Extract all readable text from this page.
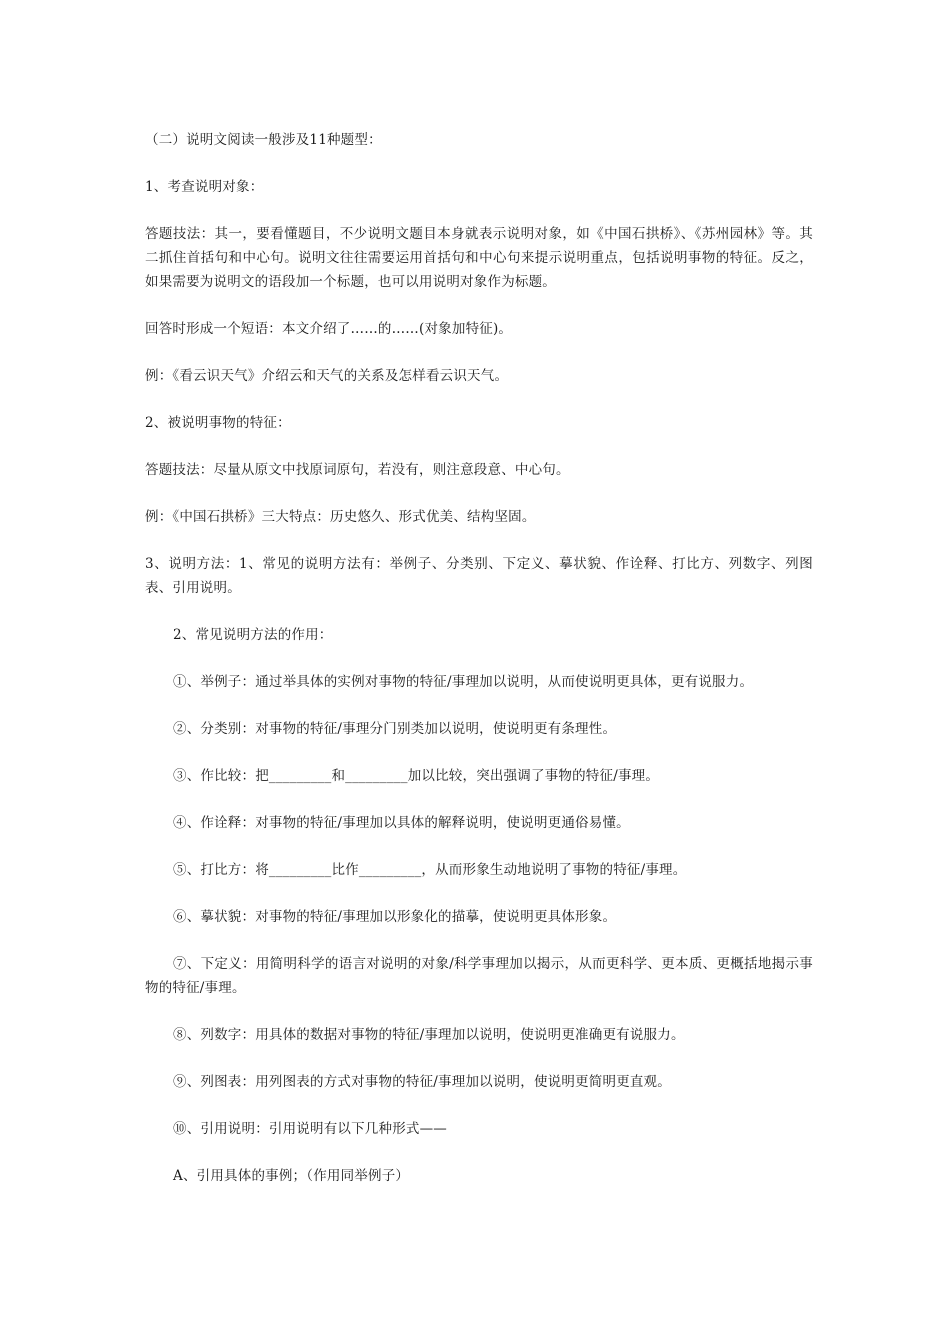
（二）说明文阅读一般涉及11种题型：

1、考查说明对象：

答题技法：其一，要看懂题目，不少说明文题目本身就表示说明对象，如《中国石拱桥》、《苏州园林》等。其二抓住首括句和中心句。说明文往往需要运用首括句和中心句来提示说明重点，包括说明事物的特征。反之，如果需要为说明文的语段加一个标题，也可以用说明对象作为标题。

回答时形成一个短语：本文介绍了……的……(对象加特征)。

例：《看云识天气》介绍云和天气的关系及怎样看云识天气。

2、被说明事物的特征：

答题技法：尽量从原文中找原词原句，若没有，则注意段意、中心句。

例：《中国石拱桥》三大特点：历史悠久、形式优美、结构坚固。

3、说明方法：1、常见的说明方法有：举例子、分类别、下定义、摹状貌、作诠释、打比方、列数字、列图表、引用说明。

2、常见说明方法的作用：

①、举例子：通过举具体的实例对事物的特征/事理加以说明，从而使说明更具体，更有说服力。

②、分类别：对事物的特征/事理分门别类加以说明，使说明更有条理性。

③、作比较：把_________和_________加以比较，突出强调了事物的特征/事理。

④、作诠释：对事物的特征/事理加以具体的解释说明，使说明更通俗易懂。

⑤、打比方：将_________比作_________，从而形象生动地说明了事物的特征/事理。

⑥、摹状貌：对事物的特征/事理加以形象化的描摹，使说明更具体形象。

⑦、下定义：用简明科学的语言对说明的对象/科学事理加以揭示，从而更科学、更本质、更概括地揭示事物的特征/事理。

⑧、列数字：用具体的数据对事物的特征/事理加以说明，使说明更准确更有说服力。

⑨、列图表：用列图表的方式对事物的特征/事理加以说明，使说明更简明更直观。

⑩、引用说明：引用说明有以下几种形式——

A、引用具体的事例；（作用同举例子）
